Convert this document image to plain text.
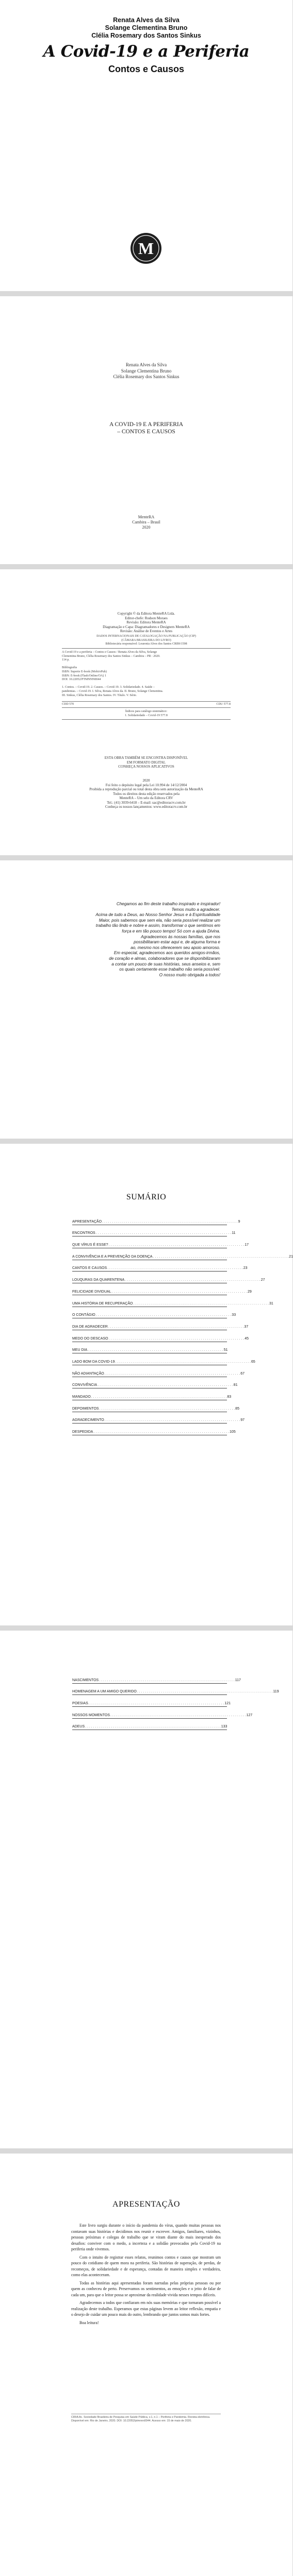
Renata Alves da Silva
Solange Clementina Bruno
Clélia Rosemary dos Santos Sinkus
A Covid-19 e a Periferia
Contos e Causos
M
Renata Alves da Silva
Solange Clementina Bruno
Clélia Rosemary dos Santos Sinkus
A COVID-19 E A PERIFERIA
– CONTOS E CAUSOS
MenteRA
Cambira – Brasil
2020
Copyright © da Editora MenteRA Ltda.
Editor-chefe: Rodson Moraes
Revisão: Editora MenteRA
Diagramação e Capa: Diagramadores e Designers MenteRA
Revisão: Análise de Eventos e Artes
DADOS INTERNACIONAIS DE CATALOGAÇÃO NA PUBLICAÇÃO (CIP)
(CÂMARA BRASILEIRA DO LIVRO)
Bibliotecária responsável: Lourenia Alves dos Santos CRB9/1598
A Covid-19 e a periferia – Contos e Causos / Renata Alves da Silva, Solange
Clementina Bruno, Clélia Rosemary dos Santos Sinkus – Cambira – PR : 2020.
114 p.

Bibliografia
ISBN: Suporte E-book (Mobi/ePub)
ISBN: E-book (Flash/Online/OA) 1
DOI: 10.22052/PTMNNN0044

1. Contos. – Covid-19. 2. Causos. – Covid-19. 3. Solidariedade. 4. Saúde –
pandemias. – Covid-19. I. Silva, Renata Alves da. II. Bruno, Solange Clementina.
III. Sinkus, Clélia Rosemary dos Santos. IV. Título. V. Série.
CDD 570	CDU 577.8
Índices para catálogo sistemático:
1. Solidariedade – Covid-19 577.8
ESTA OBRA TAMBÉM SE ENCONTRA DISPONÍVEL
EM FORMATO DIGITAL
CONHEÇA NOSSOS APLICATIVOS
2020
Foi feito o depósito legal pela Lei 10.994 de 14/12/2004
Proibida a reprodução parcial ou total desta obra sem autorização da MenteRA
Todos os direitos desta edição reservados pela
MenteRA – Um selo da Editora CRV
Tel.: (41) 3039-6418 – E-mail: sac@editoracrv.com.br
Conheça os nossos lançamentos: www.editoracrv.com.br
Chegamos ao fim deste trabalho inspirado e inspirador!
Temos muito a agradecer.
Acima de tudo a Deus, ao Nosso Senhor Jesus e à Espiritualidade
Maior, pois sabemos que sem ela, não seria possível realizar um
trabalho tão lindo e nobre e assim, transformar o que sentimos em
força e em tão pouco tempo! Só com a ajuda Divina.
Agradecemos às nossas famílias, que nos
possibilitaram estar aqui e, de alguma forma e
ao, mesmo nos oferecerem seu apoio amoroso.
Em especial, agradecemos aos queridos amigos-irmãos,
de coração e almas, colaboradores que se disponibilizaram
a contar um pouco de suas histórias, seus anseios e, sem
os quais certamente esse trabalho não seria possível.
O nosso muito obrigada a todos!
SUMÁRIO
APRESENTAÇÃO . . . . . . . . . . . . . . . . . . . . . . . . . . . . . . . . . . . . . . . . . . . . . . . . . . . . . . . . . . . . . . . . . . . . 9
ENCONTROS . . . . . . . . . . . . . . . . . . . . . . . . . . . . . . . . . . . . . . . . . . . . . . . . . . . . . . . . . . . . . . . . . . . . 11
QUE VÍRUS É ESSE? . . . . . . . . . . . . . . . . . . . . . . . . . . . . . . . . . . . . . . . . . . . . . . . . . . . . . . . . . . . . . . . . . . . . 17
A CONVIVÊNCIA E A PREVENÇÃO DA DOENÇA . . . . . . . . . . . . . . . . . . . . . . . . . . . . . . . . . . . . . . . . . . . . . . . . . . . . . . . . . . . . . . . . . . . . 21
CANTOS E CAUSOS . . . . . . . . . . . . . . . . . . . . . . . . . . . . . . . . . . . . . . . . . . . . . . . . . . . . . . . . . . . . . . . . . . . . 23
LOUQURAS DA QUARENTENA . . . . . . . . . . . . . . . . . . . . . . . . . . . . . . . . . . . . . . . . . . . . . . . . . . . . . . . . . . . . . . . . . . . . 27
FELICIDADE DIVIDUAL . . . . . . . . . . . . . . . . . . . . . . . . . . . . . . . . . . . . . . . . . . . . . . . . . . . . . . . . . . . . . . . . . . . . 29
UMA HISTÓRIA DE RECUPERAÇÃO . . . . . . . . . . . . . . . . . . . . . . . . . . . . . . . . . . . . . . . . . . . . . . . . . . . . . . . . . . . . . . . . . . . . 31
O CONTÁGIO . . . . . . . . . . . . . . . . . . . . . . . . . . . . . . . . . . . . . . . . . . . . . . . . . . . . . . . . . . . . . . . . . . . . 33
DIA DE AGRADECER . . . . . . . . . . . . . . . . . . . . . . . . . . . . . . . . . . . . . . . . . . . . . . . . . . . . . . . . . . . . . . . . . . . . 37
MEDO DO DESCASO . . . . . . . . . . . . . . . . . . . . . . . . . . . . . . . . . . . . . . . . . . . . . . . . . . . . . . . . . . . . . . . . . . . . 45
MEU DIA . . . . . . . . . . . . . . . . . . . . . . . . . . . . . . . . . . . . . . . . . . . . . . . . . . . . . . . . . . . . . . . . . . . . 51
LADO BOM DA COVID-19 . . . . . . . . . . . . . . . . . . . . . . . . . . . . . . . . . . . . . . . . . . . . . . . . . . . . . . . . . . . . . . . . . . . . 65
NÃO ADIANTAÇÃO . . . . . . . . . . . . . . . . . . . . . . . . . . . . . . . . . . . . . . . . . . . . . . . . . . . . . . . . . . . . . . . . . . . . 67
CONVIVÊNCIA . . . . . . . . . . . . . . . . . . . . . . . . . . . . . . . . . . . . . . . . . . . . . . . . . . . . . . . . . . . . . . . . . . . . 81
MANDADO . . . . . . . . . . . . . . . . . . . . . . . . . . . . . . . . . . . . . . . . . . . . . . . . . . . . . . . . . . . . . . . . . . . . 83
DEPOIMENTOS . . . . . . . . . . . . . . . . . . . . . . . . . . . . . . . . . . . . . . . . . . . . . . . . . . . . . . . . . . . . . . . . . . . . 85
AGRADECIMENTO . . . . . . . . . . . . . . . . . . . . . . . . . . . . . . . . . . . . . . . . . . . . . . . . . . . . . . . . . . . . . . . . . . . . 97
DESPEDIDA . . . . . . . . . . . . . . . . . . . . . . . . . . . . . . . . . . . . . . . . . . . . . . . . . . . . . . . . . . . . . . . . . . . . 105
NASCIMENTOS . . . . . . . . . . . . . . . . . . . . . . . . . . . . . . . . . . . . . . . . . . . . . . . . . . . . . . . . . . . . . . . . . . . . 117
HOMENAGEM A UM AMIGO QUERIDO . . . . . . . . . . . . . . . . . . . . . . . . . . . . . . . . . . . . . . . . . . . . . . . . . . . . . . . . . . . . . . . . . . . . 119
POESIAS . . . . . . . . . . . . . . . . . . . . . . . . . . . . . . . . . . . . . . . . . . . . . . . . . . . . . . . . . . . . . . . . . . . . 121
NOSSOS MOMENTOS . . . . . . . . . . . . . . . . . . . . . . . . . . . . . . . . . . . . . . . . . . . . . . . . . . . . . . . . . . . . . . . . . . . . 127
ADEUS . . . . . . . . . . . . . . . . . . . . . . . . . . . . . . . . . . . . . . . . . . . . . . . . . . . . . . . . . . . . . . . . . . . . 133
APRESENTAÇÃO

Este livro surgiu durante o início da pandemia do vírus, quando muitas pessoas nos contavam suas histórias e decidimos nos reunir e escrever. Amigos, familiares, vizinhos, pessoas próximas e colegas de trabalho que se viram diante do mais inesperado dos desafios: conviver com o medo, a incerteza e a solidão provocados pela Covid-19 na periferia onde vivemos.

Com o intuito de registrar esses relatos, reunimos contos e causos que mostram um pouco do cotidiano de quem mora na periferia. São histórias de superação, de perdas, de recomeços, de solidariedade e de esperança, contadas de maneira simples e verdadeira, como elas aconteceram.

Todas as histórias aqui apresentadas foram narradas pelas próprias pessoas ou por quem as conheceu de perto. Preservamos os sentimentos, as emoções e o jeito de falar de cada um, para que o leitor possa se aproximar da realidade vivida nesses tempos difíceis.

Agradecemos a todos que confiaram em nós suas memórias e que tornaram possível a realização deste trabalho. Esperamos que estas páginas levem ao leitor reflexão, empatia e o desejo de cuidar um pouco mais do outro, lembrando que juntos somos mais fortes.

Boa leitura!

CIRIA Ac. Sociedade Brasileira de Pesquisa em Saúde Pública, v.1, n.1 – Periferia e Pandemia. Revista eletrônica.
Disponível em: Rio de Janeiro, 2020. DOI: 10.22052/ptmnnn0044. Acesso em: 15 de maio de 2020.
